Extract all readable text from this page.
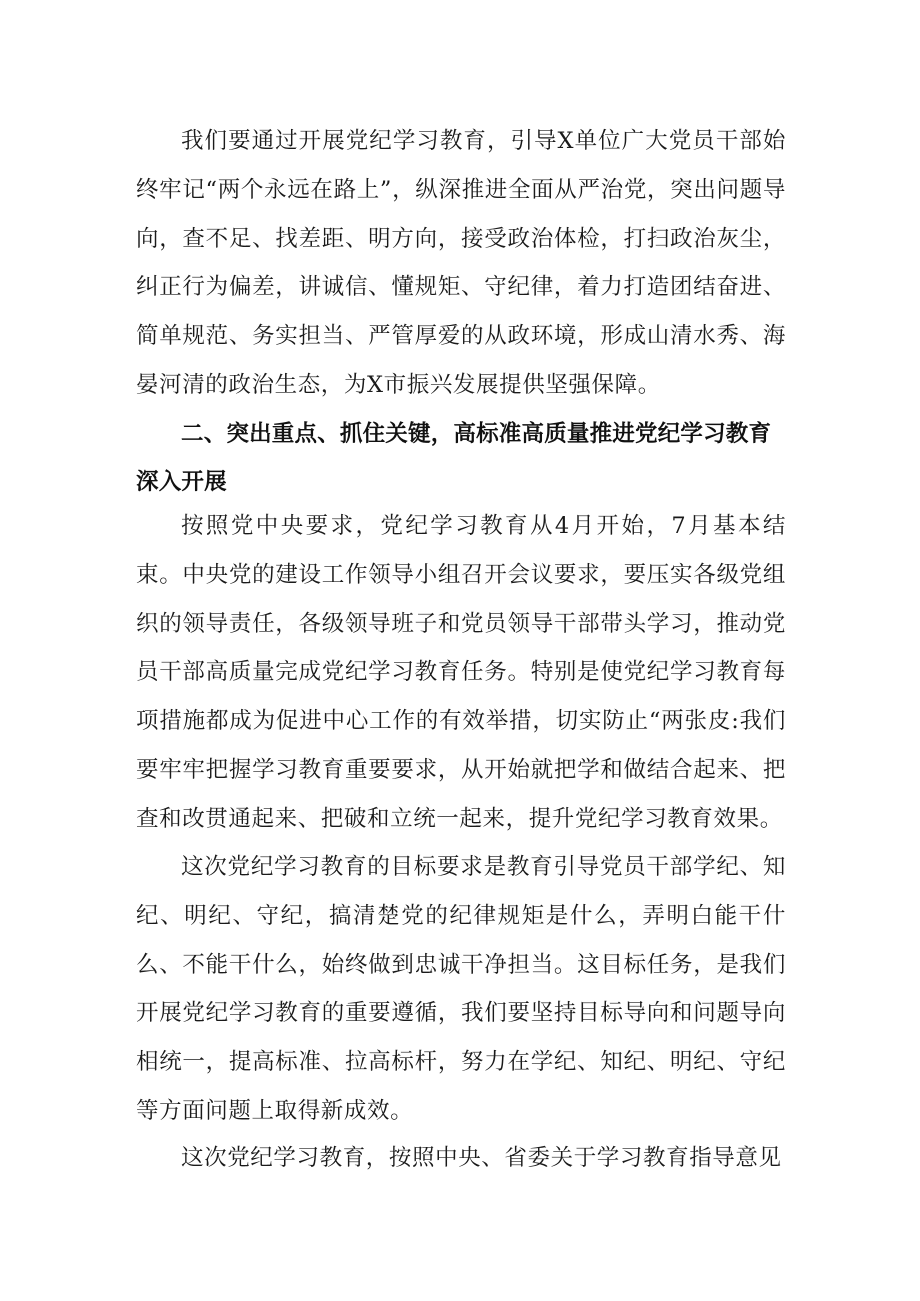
我们要通过开展党纪学习教育，引导X单位广大党员干部始终牢记“两个永远在路上”，纵深推进全面从严治党，突出问题导向，查不足、找差距、明方向，接受政治体检，打扫政治灰尘，纠正行为偏差，讲诚信、懂规矩、守纪律，着力打造团结奋进、简单规范、务实担当、严管厚爱的从政环境，形成山清水秀、海晏河清的政治生态，为X市振兴发展提供坚强保障。

二、突出重点、抓住关键，高标准高质量推进党纪学习教育深入开展

按照党中央要求，党纪学习教育从4月开始，7月基本结束。中央党的建设工作领导小组召开会议要求，要压实各级党组织的领导责任，各级领导班子和党员领导干部带头学习，推动党员干部高质量完成党纪学习教育任务。特别是使党纪学习教育每项措施都成为促进中心工作的有效举措，切实防止“两张皮:我们要牢牢把握学习教育重要要求，从开始就把学和做结合起来、把查和改贯通起来、把破和立统一起来，提升党纪学习教育效果。

这次党纪学习教育的目标要求是教育引导党员干部学纪、知纪、明纪、守纪，搞清楚党的纪律规矩是什么，弄明白能干什么、不能干什么，始终做到忠诚干净担当。这目标任务，是我们开展党纪学习教育的重要遵循，我们要坚持目标导向和问题导向相统一，提高标准、拉高标杆，努力在学纪、知纪、明纪、守纪等方面问题上取得新成效。

这次党纪学习教育，按照中央、省委关于学习教育指导意见
